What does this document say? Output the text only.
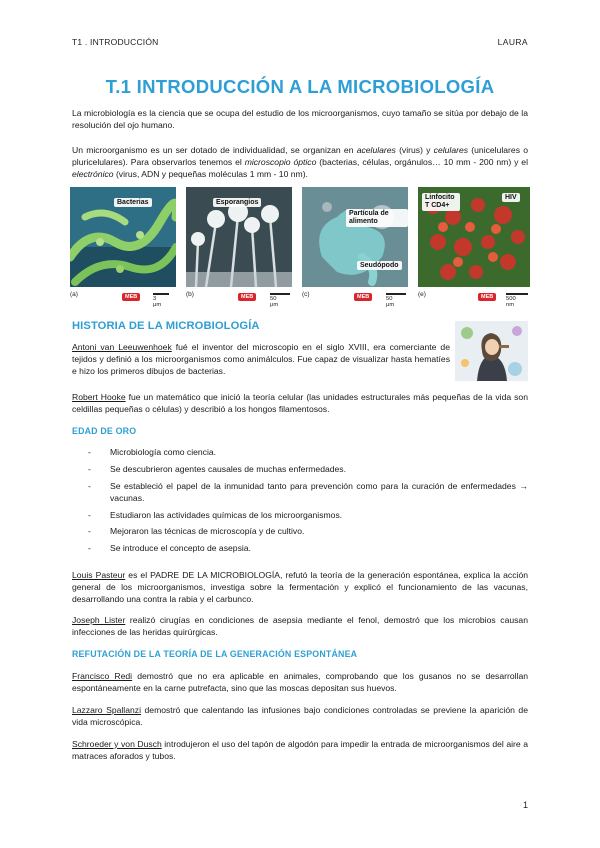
T1 . INTRODUCCIÓN	LAURA
T.1 INTRODUCCIÓN A LA MICROBIOLOGÍA

La microbiología es la ciencia que se ocupa del estudio de los microorganismos, cuyo tamaño se sitúa por debajo de la resolución del ojo humano.

Un microorganismo es un ser dotado de individualidad, se organizan en acelulares (virus) y celulares (unicelulares o pluricelulares). Para observarlos tenemos el microscopio óptico (bacterias, células, orgánulos… 10 mm - 200 nm) y el electrónico (virus, ADN y pequeñas moléculas 1 mm - 10 nm).

Bacterias	Esporangios
Partícula de alimento
Seudópodo
Linfocito T CD4+
HIV
(a)	MEB	3 μm
(b)	MEB	50 μm
(c)	MEB	50 μm
(e)	MEB	500 nm
HISTORIA DE LA MICROBIOLOGÍA

Antoni van Leeuwenhoek fué el inventor del microscopio en el siglo XVIII, era comerciante de tejidos y definió a los microorganismos como animálculos. Fue capaz de visualizar hasta hematíes e hizo los primeros dibujos de bacterias.

Robert Hooke fue un matemático que inició la teoría celular (las unidades estructurales más pequeñas de la vida son celdillas pequeñas o células) y describió a los hongos filamentosos.

EDAD DE ORO
- Microbiología como ciencia.
- Se descubrieron agentes causales de muchas enfermedades.
- Se estableció el papel de la inmunidad tanto para prevención como para la curación de enfermedades → vacunas.
- Estudiaron las actividades químicas de los microorganismos.
- Mejoraron las técnicas de microscopía y de cultivo.
- Se introduce el concepto de asepsia.

Louis Pasteur es el PADRE DE LA MICROBIOLOGÍA, refutó la teoría de la generación espontánea, explica la acción general de los microorganismos, investiga sobre la fermentación y explicó el funcionamiento de las vacunas, desarrollando una contra la rabia y el carbunco.

Joseph Lister realizó cirugías en condiciones de asepsia mediante el fenol, demostró que los microbios causan infecciones de las heridas quirúrgicas.

REFUTACIÓN DE LA TEORÍA DE LA GENERACIÓN ESPONTÁNEA

Francisco Redi demostró que no era aplicable en animales, comprobando que los gusanos no se desarrollan espontáneamente en la carne putrefacta, sino que las moscas depositan sus huevos.

Lazzaro Spallanzi demostró que calentando las infusiones bajo condiciones controladas se previene la aparición de vida microscópica.

Schroeder y von Dusch introdujeron el uso del tapón de algodón para impedir la entrada de microorganismos del aire a matraces aforados y tubos.

1
